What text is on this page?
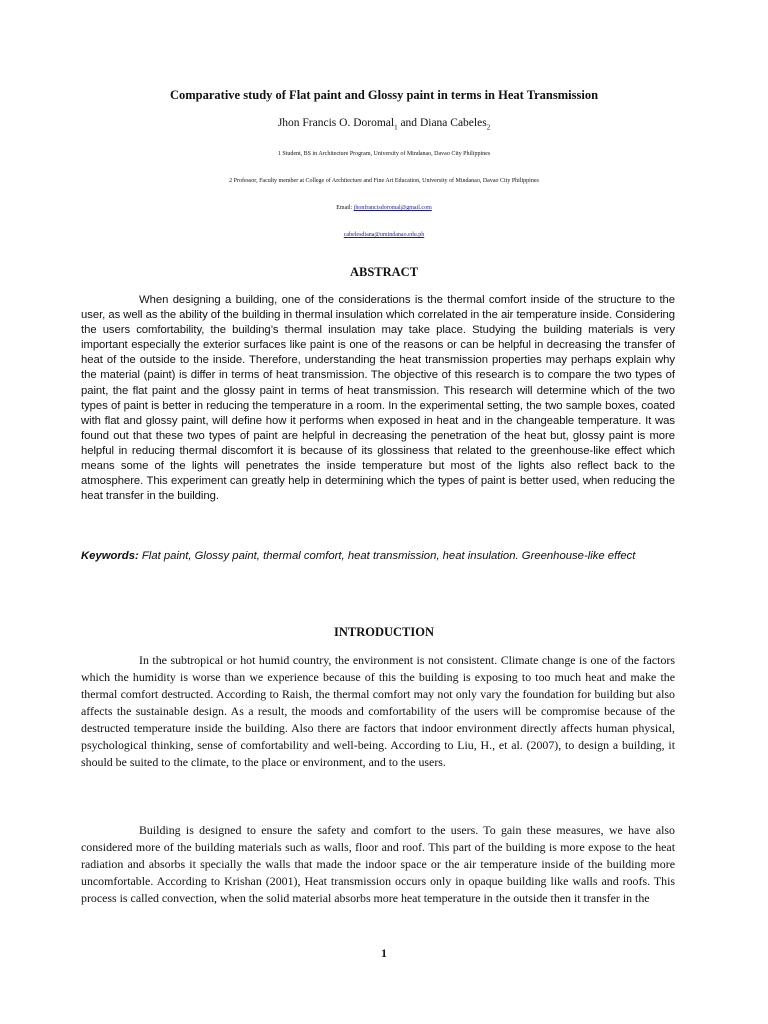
Comparative study of Flat paint and Glossy paint in terms in Heat Transmission
Jhon Francis O. Doromal$_1$ and Diana Cabeles$_2$
1 Student, BS in Architecture Program, University of Mindanao, Davao City Philippines
2 Professor, Faculty member at College of Architecture and Fine Art Education, University of Mindanao, Davao City Philippines
Email: jhonfrancisdoromal@gmail.com
cabelesdiana@umindanao.edu.ph
ABSTRACT

When designing a building, one of the considerations is the thermal comfort inside of the structure to the user, as well as the ability of the building in thermal insulation which correlated in the air temperature inside. Considering the users comfortability, the building’s thermal insulation may take place. Studying the building materials is very important especially the exterior surfaces like paint is one of the reasons or can be helpful in decreasing the transfer of heat of the outside to the inside. Therefore, understanding the heat transmission properties may perhaps explain why the material (paint) is differ in terms of heat transmission. The objective of this research is to compare the two types of paint, the flat paint and the glossy paint in terms of heat transmission. This research will determine which of the two types of paint is better in reducing the temperature in a room. In the experimental setting, the two sample boxes, coated with flat and glossy paint, will define how it performs when exposed in heat and in the changeable temperature. It was found out that these two types of paint are helpful in decreasing the penetration of the heat but, glossy paint is more helpful in reducing thermal discomfort it is because of its glossiness that related to the greenhouse-like effect which means some of the lights will penetrates the inside temperature but most of the lights also reflect back to the atmosphere. This experiment can greatly help in determining which the types of paint is better used, when reducing the heat transfer in the building.

Keywords: Flat paint, Glossy paint, thermal comfort, heat transmission, heat insulation. Greenhouse-like effect

INTRODUCTION

In the subtropical or hot humid country, the environment is not consistent. Climate change is one of the factors which the humidity is worse than we experience because of this the building is exposing to too much heat and make the thermal comfort destructed. According to Raish, the thermal comfort may not only vary the foundation for building but also affects the sustainable design. As a result, the moods and comfortability of the users will be compromise because of the destructed temperature inside the building. Also there are factors that indoor environment directly affects human physical, psychological thinking, sense of comfortability and well-being. According to Liu, H., et al. (2007), to design a building, it should be suited to the climate, to the place or environment, and to the users.

Building is designed to ensure the safety and comfort to the users. To gain these measures, we have also considered more of the building materials such as walls, floor and roof. This part of the building is more expose to the heat radiation and absorbs it specially the walls that made the indoor space or the air temperature inside of the building more uncomfortable. According to Krishan (2001), Heat transmission occurs only in opaque building like walls and roofs. This process is called convection, when the solid material absorbs more heat temperature in the outside then it transfer in the

1
